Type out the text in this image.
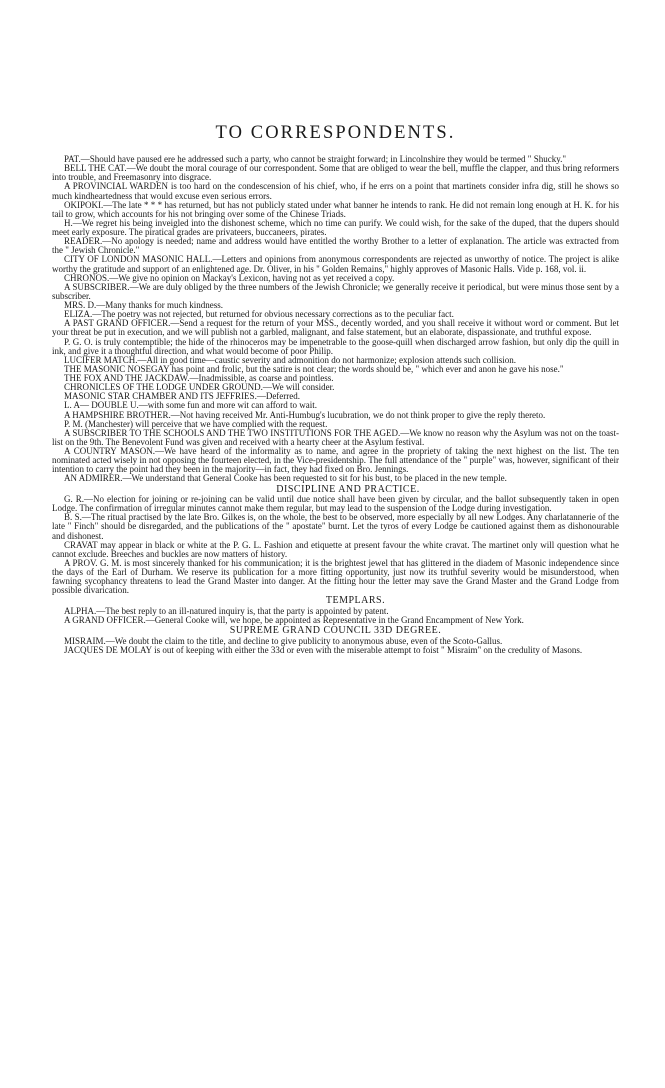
TO CORRESPONDENTS.

PAT.—Should have paused ere he addressed such a party, who cannot be straight forward; in Lincolnshire they would be termed " Shucky."

BELL THE CAT.—We doubt the moral courage of our correspondent. Some that are obliged to wear the bell, muffle the clapper, and thus bring reformers into trouble, and Freemasonry into disgrace.

A PROVINCIAL WARDEN is too hard on the condescension of his chief, who, if he errs on a point that martinets consider infra dig, still he shows so much kindheartedness that would excuse even serious errors.

OKIPOKI.—The late * * * has returned, but has not publicly stated under what banner he intends to rank. He did not remain long enough at H. K. for his tail to grow, which accounts for his not bringing over some of the Chinese Triads.

H.—We regret his being inveigled into the dishonest scheme, which no time can purify. We could wish, for the sake of the duped, that the dupers should meet early exposure. The piratical grades are privateers, buccaneers, pirates.

READER.—No apology is needed; name and address would have entitled the worthy Brother to a letter of explanation. The article was extracted from the " Jewish Chronicle."

CITY OF LONDON MASONIC HALL.—Letters and opinions from anonymous correspondents are rejected as unworthy of notice. The project is alike worthy the gratitude and support of an enlightened age. Dr. Oliver, in his " Golden Remains," highly approves of Masonic Halls. Vide p. 168, vol. ii.

CHRONOS.—We give no opinion on Mackay's Lexicon, having not as yet received a copy.

A SUBSCRIBER.—We are duly obliged by the three numbers of the Jewish Chronicle; we generally receive it periodical, but were minus those sent by a subscriber.

MRS. D.—Many thanks for much kindness.

ELIZA.—The poetry was not rejected, but returned for obvious necessary corrections as to the peculiar fact.

A PAST GRAND OFFICER.—Send a request for the return of your MSS., decently worded, and you shall receive it without word or comment. But let your threat be put in execution, and we will publish not a garbled, malignant, and false statement, but an elaborate, dispassionate, and truthful expose.

P. G. O. is truly contemptible; the hide of the rhinoceros may be impenetrable to the goose-quill when discharged arrow fashion, but only dip the quill in ink, and give it a thoughtful direction, and what would become of poor Philip.

LUCIFER MATCH.—All in good time—caustic severity and admonition do not harmonize; explosion attends such collision.

THE MASONIC NOSEGAY has point and frolic, but the satire is not clear; the words should be, " which ever and anon he gave his nose."

THE FOX AND THE JACKDAW.—Inadmissible, as coarse and pointless.

CHRONICLES OF THE LODGE UNDER GROUND.—We will consider.

MASONIC STAR CHAMBER AND ITS JEFFRIES.—Deferred.

L. A— DOUBLE U.—with some fun and more wit can afford to wait.

A HAMPSHIRE BROTHER.—Not having received Mr. Anti-Humbug's lucubration, we do not think proper to give the reply thereto.

P. M. (Manchester) will perceive that we have complied with the request.

A SUBSCRIBER TO THE SCHOOLS AND THE TWO INSTITUTIONS FOR THE AGED.—We know no reason why the Asylum was not on the toast-list on the 9th. The Benevolent Fund was given and received with a hearty cheer at the Asylum festival.

A COUNTRY MASON.—We have heard of the informality as to name, and agree in the propriety of taking the next highest on the list. The ten nominated acted wisely in not opposing the fourteen elected, in the Vice-presidentship. The full attendance of the " purple" was, however, significant of their intention to carry the point had they been in the majority—in fact, they had fixed on Bro. Jennings.

AN ADMIRER.—We understand that General Cooke has been requested to sit for his bust, to be placed in the new temple.

DISCIPLINE AND PRACTICE.

G. R.—No election for joining or re-joining can be valid until due notice shall have been given by circular, and the ballot subsequently taken in open Lodge. The confirmation of irregular minutes cannot make them regular, but may lead to the suspension of the Lodge during investigation.

B. S.—The ritual practised by the late Bro. Gilkes is, on the whole, the best to be observed, more especially by all new Lodges. Any charlatannerie of the late " Finch" should be disregarded, and the publications of the " apostate" burnt. Let the tyros of every Lodge be cautioned against them as dishonourable and dishonest.

CRAVAT may appear in black or white at the P. G. L. Fashion and etiquette at present favour the white cravat. The martinet only will question what he cannot exclude. Breeches and buckles are now matters of history.

A PROV. G. M. is most sincerely thanked for his communication; it is the brightest jewel that has glittered in the diadem of Masonic independence since the days of the Earl of Durham. We reserve its publication for a more fitting opportunity, just now its truthful severity would be misunderstood, when fawning sycophancy threatens to lead the Grand Master into danger. At the fitting hour the letter may save the Grand Master and the Grand Lodge from possible divarication.

TEMPLARS.

ALPHA.—The best reply to an ill-natured inquiry is, that the party is appointed by patent.

A GRAND OFFICER.—General Cooke will, we hope, be appointed as Representative in the Grand Encampment of New York.

SUPREME GRAND COUNCIL 33D DEGREE.

MISRAIM.—We doubt the claim to the title, and decline to give publicity to anonymous abuse, even of the Scoto-Gallus.

JACQUES DE MOLAY is out of keeping with either the 33d or even with the miserable attempt to foist " Misraim" on the credulity of Masons.
